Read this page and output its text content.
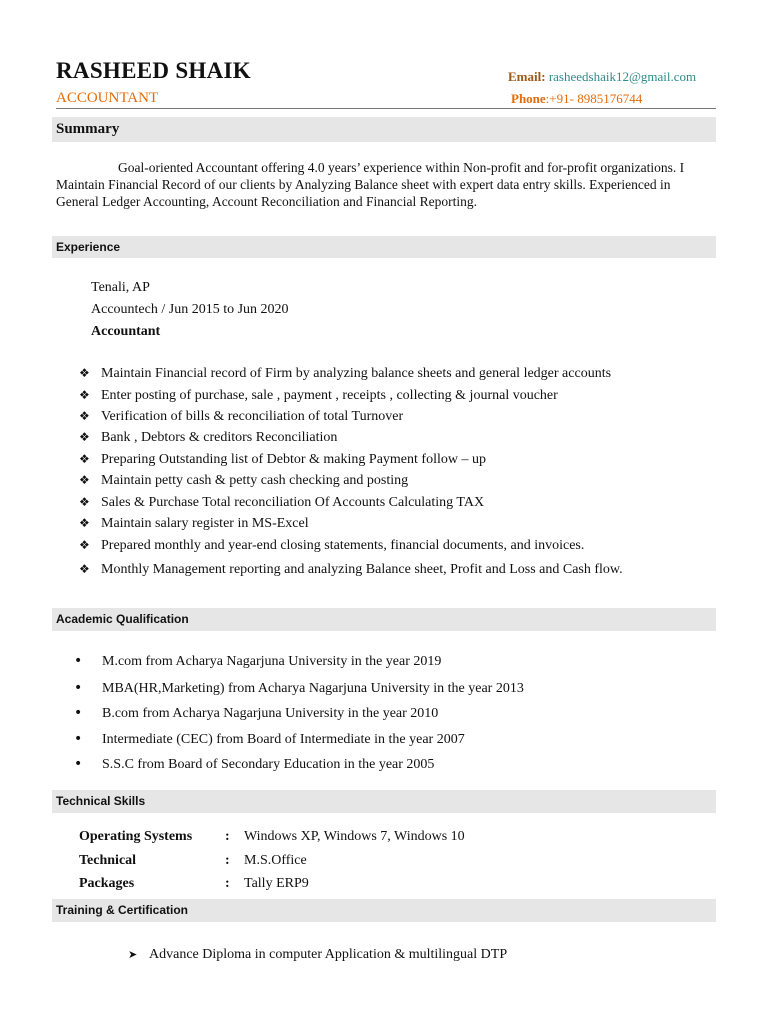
RASHEED SHAIK
ACCOUNTANT
Email: rasheedshaik12@gmail.com
Phone:+91- 8985176744
Summary
Goal-oriented Accountant offering 4.0 years’ experience within Non-profit and for-profit organizations. I Maintain Financial Record of our clients by Analyzing Balance sheet with expert data entry skills. Experienced in General Ledger Accounting, Account Reconciliation and Financial Reporting.
Experience
Tenali, AP
Accountech / Jun 2015 to Jun 2020
Accountant
❖ Maintain Financial record of Firm by analyzing balance sheets and general ledger accounts
❖ Enter posting of purchase, sale , payment , receipts , collecting & journal voucher
❖ Verification of bills & reconciliation of total Turnover
❖ Bank , Debtors & creditors Reconciliation
❖ Preparing Outstanding list of Debtor & making Payment follow – up
❖ Maintain petty cash & petty cash checking and posting
❖ Sales & Purchase Total reconciliation Of Accounts Calculating TAX
❖ Maintain salary register in MS-Excel
❖ Prepared monthly and year-end closing statements, financial documents, and invoices.
❖ Monthly Management reporting and analyzing Balance sheet, Profit and Loss and Cash flow.
Academic Qualification
• M.com from Acharya Nagarjuna University in the year 2019
• MBA(HR,Marketing) from Acharya Nagarjuna University in the year 2013
• B.com from Acharya Nagarjuna University in the year 2010
• Intermediate (CEC) from Board of Intermediate in the year 2007
• S.S.C from Board of Secondary Education in the year 2005
Technical Skills
Operating Systems : Windows XP, Windows 7, Windows 10
Technical	: M.S.Office
Packages	: Tally ERP9
Training & Certification
➤ Advance Diploma in computer Application & multilingual DTP
